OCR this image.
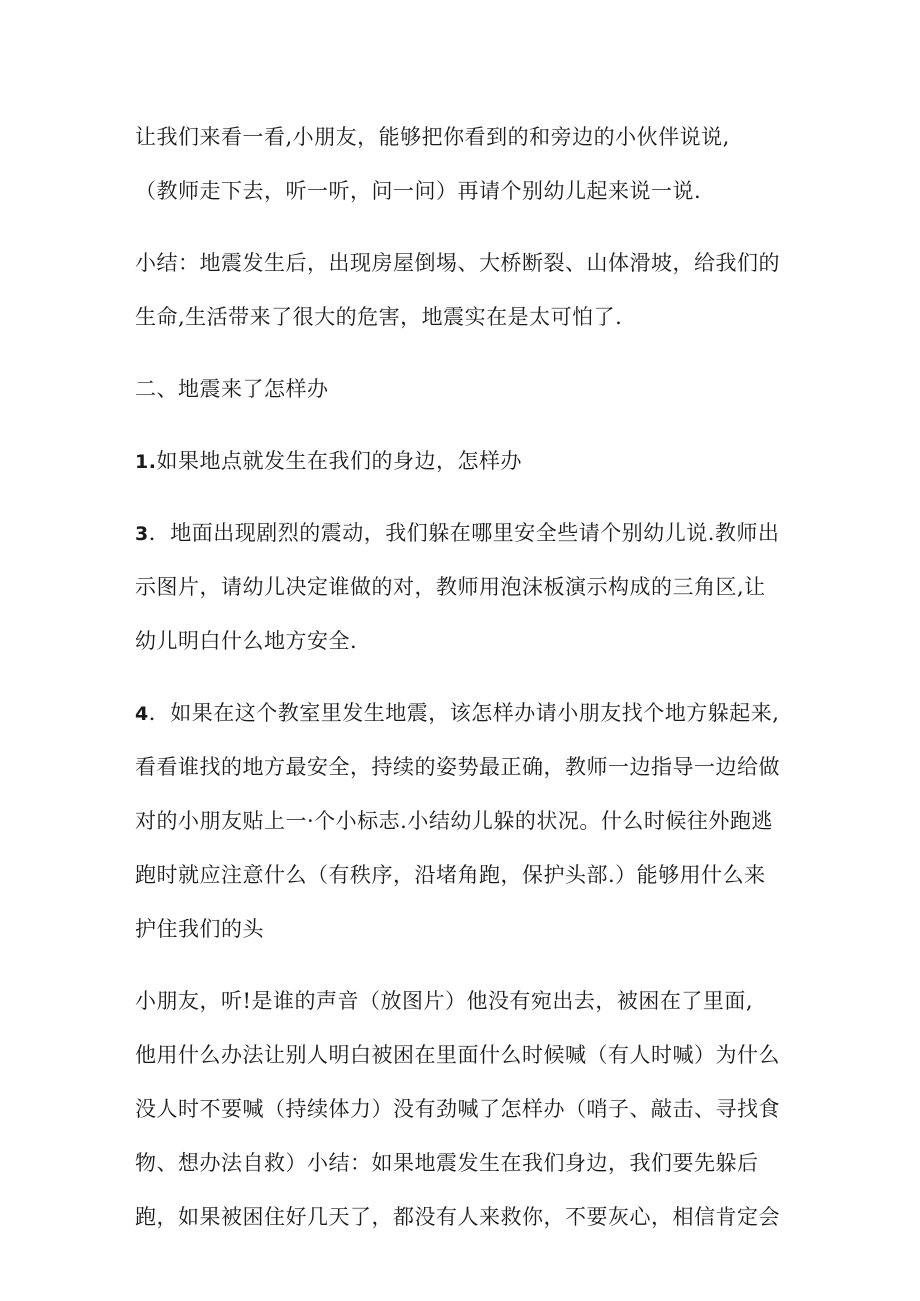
让我们来看一看,小朋友，能够把你看到的和旁边的小伙伴说说,
（教师走下去，听一听，问一问）再请个别幼儿起来说一说.

小结：地震发生后，出现房屋倒埸、大桥断裂、山体滑坡，给我们的
生命,生活带来了很大的危害，地震实在是太可怕了.

二、地震来了怎样办

1.如果地点就发生在我们的身边，怎样办

3．地面出现剧烈的震动，我们躲在哪里安全些请个别幼儿说.教师出
示图片，请幼儿决定谁做的对，教师用泡沫板演示构成的三角区,让
幼儿明白什么地方安全.

4．如果在这个教室里发生地震，该怎样办请小朋友找个地方躲起来,
看看谁找的地方最安全，持续的姿势最正确，教师一边指导一边给做
对的小朋友贴上一·个小标志.小结幼儿躲的状况。什么时候往外跑逃
跑时就应注意什么（有秩序，沿堵角跑，保护头部.）能够用什么来
护住我们的头

小朋友，听!是谁的声音（放图片）他没有宛出去，被困在了里面,
他用什么办法让别人明白被困在里面什么时候喊（有人时喊）为什么
没人时不要喊（持续体力）没有劲喊了怎样办（哨子、敲击、寻找食
物、想办法自救）小结：如果地震发生在我们身边，我们要先躲后
跑，如果被困住好几天了，都没有人来救你，不要灰心，相信肯定会
